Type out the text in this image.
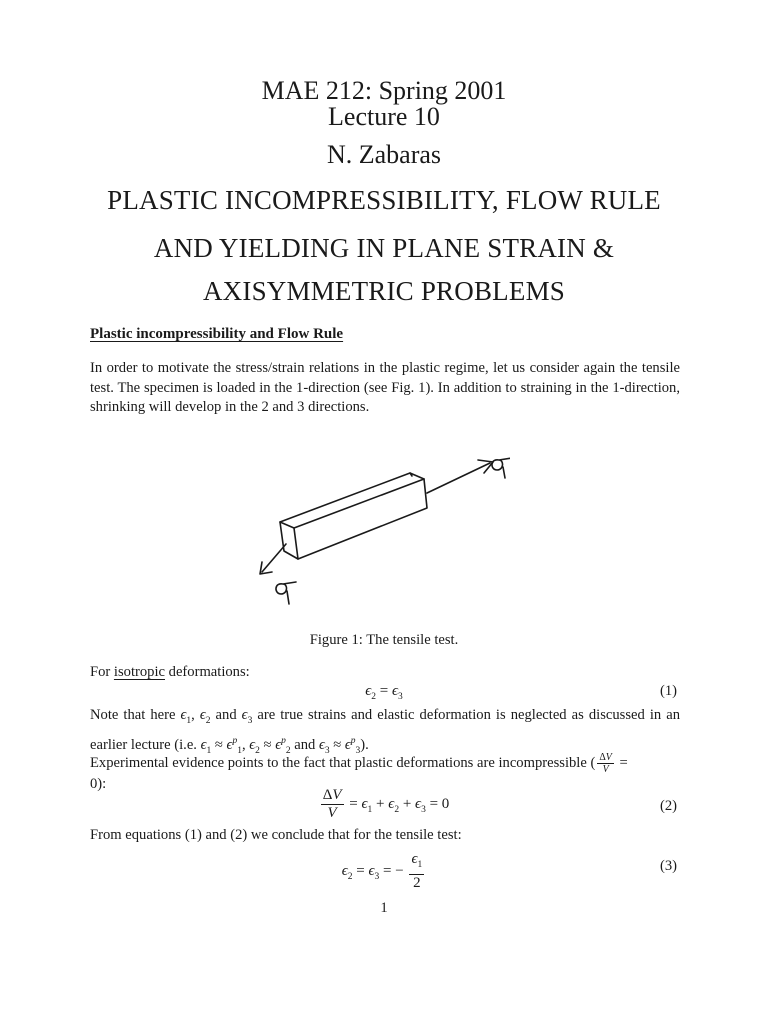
MAE 212: Spring 2001
Lecture 10
N. Zabaras
PLASTIC INCOMPRESSIBILITY, FLOW RULE
AND YIELDING IN PLANE STRAIN &
AXISYMMETRIC PROBLEMS
Plastic incompressibility and Flow Rule
In order to motivate the stress/strain relations in the plastic regime, let us consider again the tensile test. The specimen is loaded in the 1-direction (see Fig. 1). In addition to straining in the 1-direction, shrinking will develop in the 2 and 3 directions.
Figure 1: The tensile test.
For isotropic deformations:
$\epsilon_2 = \epsilon_3$	(1)
Note that here $\epsilon_1$, $\epsilon_2$ and $\epsilon_3$ are true strains and elastic deformation is neglected as discussed in an earlier lecture (i.e. $\epsilon_1 \approx \epsilon^p_1$, $\epsilon_2 \approx \epsilon^p_2$ and $\epsilon_3 \approx \epsilon^p_3$).
Experimental evidence points to the fact that plastic deformations are incompressible ( $\frac{\Delta V}{V}$ =
0):
$\frac{\Delta V}{V} = \epsilon_1 + \epsilon_2 + \epsilon_3 = 0$	(2)
From equations (1) and (2) we conclude that for the tensile test:
$\epsilon_2 = \epsilon_3$ = − $\frac{\epsilon_1}{2}$	(3)
1
